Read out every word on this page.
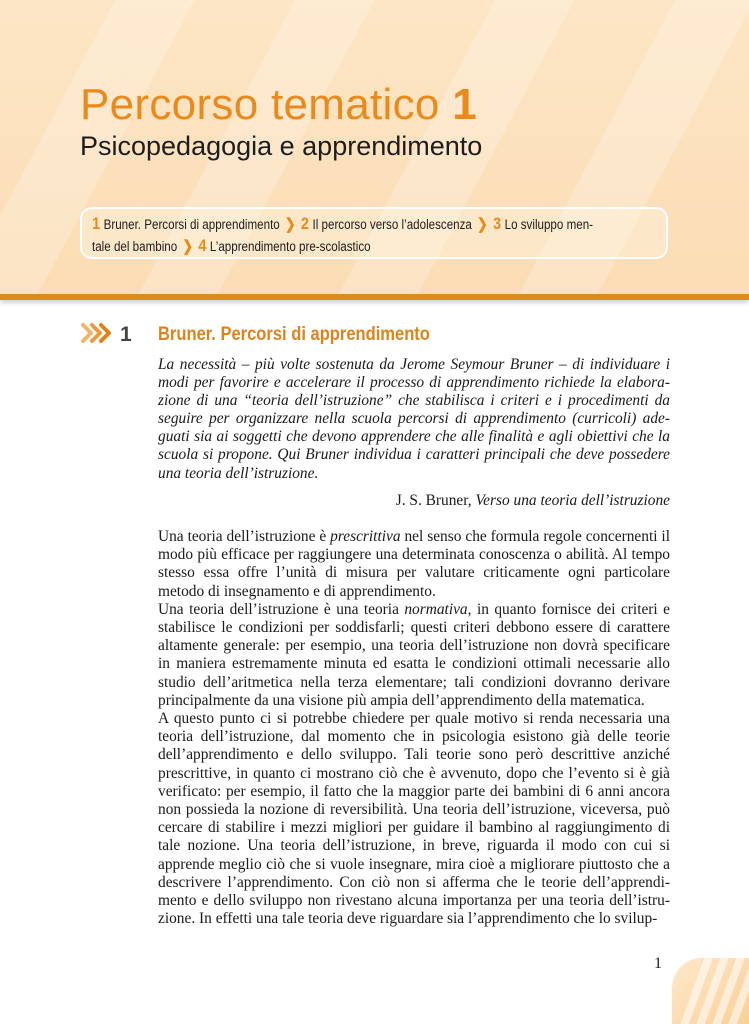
Percorso tematico 1
Psicopedagogia e apprendimento
1 Bruner. Percorsi di apprendimento ❯ 2 Il percorso verso l’adolescenza ❯ 3 Lo sviluppo men-
tale del bambino ❯ 4 L’apprendimento pre-scolastico
1 Bruner. Percorsi di apprendimento

La necessità – più volte sostenuta da Jerome Seymour Bruner – di individuare i modi per favorire e accelerare il processo di apprendimento richiede la elaborazione di una “teoria dell’istruzione” che stabilisca i criteri e i procedimenti da seguire per organizzare nella scuola percorsi di apprendimento (curricoli) adeguati sia ai soggetti che devono apprendere che alle finalità e agli obiettivi che la scuola si propone. Qui Bruner individua i caratteri principali che deve possedere una teoria dell’istruzione.

J. S. Bruner, Verso una teoria dell’istruzione

Una teoria dell’istruzione è prescrittiva nel senso che formula regole concernenti il modo più efficace per raggiungere una determinata conoscenza o abilità. Al tempo stesso essa offre l’unità di misura per valutare criticamente ogni particolare metodo di insegnamento e di apprendimento.

Una teoria dell’istruzione è una teoria normativa, in quanto fornisce dei criteri e stabilisce le condizioni per soddisfarli; questi criteri debbono essere di carattere altamente generale: per esempio, una teoria dell’istruzione non dovrà specificare in maniera estremamente minuta ed esatta le condizioni ottimali necessarie allo studio dell’aritmetica nella terza elementare; tali condizioni dovranno derivare principalmente da una visione più ampia dell’apprendimento della matematica.

A questo punto ci si potrebbe chiedere per quale motivo si renda necessaria una teoria dell’istruzione, dal momento che in psicologia esistono già delle teorie dell’apprendimento e dello sviluppo. Tali teorie sono però descrittive anziché prescrittive, in quanto ci mostrano ciò che è avvenuto, dopo che l’evento si è già verificato: per esempio, il fatto che la maggior parte dei bambini di 6 anni ancora non possieda la nozione di reversibilità. Una teoria dell’istruzione, viceversa, può cercare di stabilire i mezzi migliori per guidare il bambino al raggiungimento di tale nozione. Una teoria dell’istruzione, in breve, riguarda il modo con cui si apprende meglio ciò che si vuole insegnare, mira cioè a migliorare piuttosto che a descrivere l’apprendimento. Con ciò non si afferma che le teorie dell’apprendimento e dello sviluppo non rivestano alcuna importanza per una teoria dell’istruzione. In effetti una tale teoria deve riguardare sia l’apprendimento che lo svilup-

1
